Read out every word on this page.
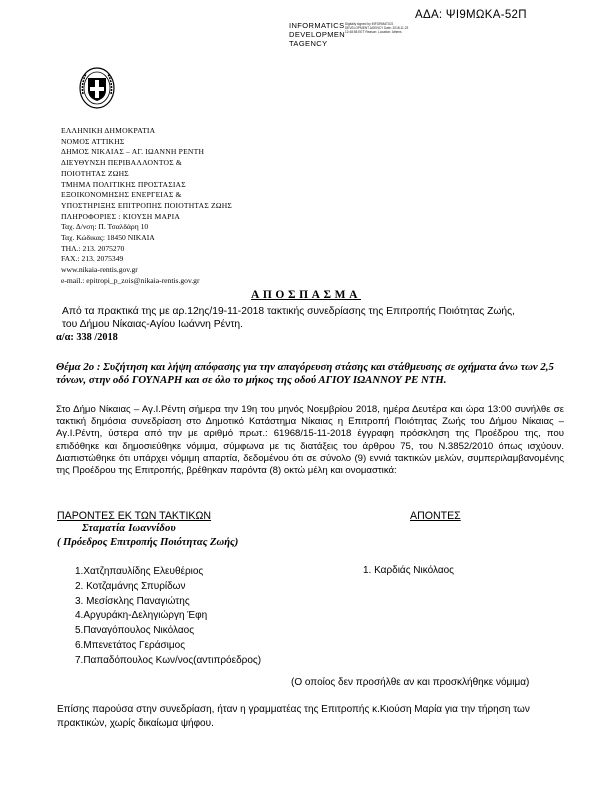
ΑΔΑ: ΨΙ9ΜΩΚΑ-52Π
INFORMATICS
DEVELOPMEN
TAGENCY
Digitally signed by INFORMATICS DEVELOPMENT AGENCY Date: 2018.11.23 12:48:58 EET Reason: Location: Athens
ΕΛΛΗΝΙΚΗ ΔΗΜΟΚΡΑΤΙΑ
ΝΟΜΟΣ ΑΤΤΙΚΗΣ
ΔΗΜΟΣ ΝΙΚΑΙΑΣ – ΑΓ. ΙΩΑΝΝΗ ΡΕΝΤΗ
ΔΙΕΥΘΥΝΣΗ ΠΕΡΙΒΑΛΛΟΝΤΟΣ &
ΠΟΙΟΤΗΤΑΣ ΖΩΗΣ
ΤΜΗΜΑ ΠΟΛΙΤΙΚΗΣ ΠΡΟΣΤΑΣΙΑΣ
ΕΞΟΙΚΟΝΟΜΗΣΗΣ ΕΝΕΡΓΕΙΑΣ &
ΥΠΟΣΤΗΡΙΞΗΣ ΕΠΙΤΡΟΠΗΣ ΠΟΙΟΤΗΤΑΣ ΖΩΗΣ
ΠΛΗΡΟΦΟΡΙΕΣ : ΚΙΟΥΣΗ ΜΑΡΙΑ
Ταχ. Δ/νση: Π. Τσαλδάρη 10
Ταχ. Κώδικας: 18450 ΝΙΚΑΙΑ
ΤΗΛ.: 213. 2075270
FAX.: 213. 2075349
www.nikaia-rentis.gov.gr
e-mail.: epitropi_p_zois@nikaia-rentis.gov.gr
ΑΠΟΣΠΑΣΜΑ
Από τα πρακτικά της με αρ.12ης/19-11-2018 τακτικής συνεδρίασης της Επιτροπής Ποιότητας Ζωής,
του Δήμου Νίκαιας-Αγίου Ιωάννη Ρέντη.
α/α: 338 /2018
Θέμα 2ο : Συζήτηση και λήψη απόφασης για την απαγόρευση στάσης και στάθμευσης σε οχήματα άνω των 2,5 τόνων, στην οδό ΓΟΥΝΑΡΗ και σε όλο το μήκος της οδού ΑΓΙΟΥ ΙΩΑΝΝΟΥ ΡΕ ΝΤΗ.
Στο Δήμο Νίκαιας – Αγ.Ι.Ρέντη σήμερα την 19η του μηνός Νοεμβρίου 2018, ημέρα Δευτέρα και ώρα 13:00 συνήλθε σε τακτική δημόσια συνεδρίαση στο Δημοτικό Κατάστημα Νίκαιας η Επιτροπή Ποιότητας Ζωής του Δήμου Νίκαιας – Αγ.Ι.Ρέντη, ύστερα από την με αριθμό πρωτ.: 61968/15-11-2018 έγγραφη πρόσκληση της Προέδρου της, που επιδόθηκε και δημοσιεύθηκε νόμιμα, σύμφωνα με τις διατάξεις του άρθρου 75, του Ν.3852/2010 όπως ισχύουν. Διαπιστώθηκε ότι υπάρχει νόμιμη απαρτία, δεδομένου ότι σε σύνολο (9) εννιά τακτικών μελών, συμπεριλαμβανομένης της Προέδρου της Επιτροπής, βρέθηκαν παρόντα (8) οκτώ μέλη και ονομαστικά:
ΠΑΡΟΝΤΕΣ ΕΚ ΤΩΝ ΤΑΚΤΙΚΩΝ	ΑΠΟΝΤΕΣ
Σταματία Ιωαννίδου
( Πρόεδρος Επιτροπής Ποιότητας Ζωής)
1.Χατζηπαυλίδης Ελευθέριος
2. Κοτζαμάνης Σπυρίδων
3. Μεσίσκλης Παναγιώτης
4.Αργυράκη-Δεληγιώργη Έφη
5.Παναγόπουλος Νικόλαος
6.Μπενετάτος Γεράσιμος
7.Παπαδόπουλος Κων/νος(αντιπρόεδρος)
1. Καρδιάς Νικόλαος
(Ο οποίος δεν προσήλθε αν και προσκλήθηκε νόμιμα)
Επίσης παρούσα στην συνεδρίαση, ήταν η γραμματέας της Επιτροπής κ.Κιούση Μαρία για την τήρηση των πρακτικών, χωρίς δικαίωμα ψήφου.
